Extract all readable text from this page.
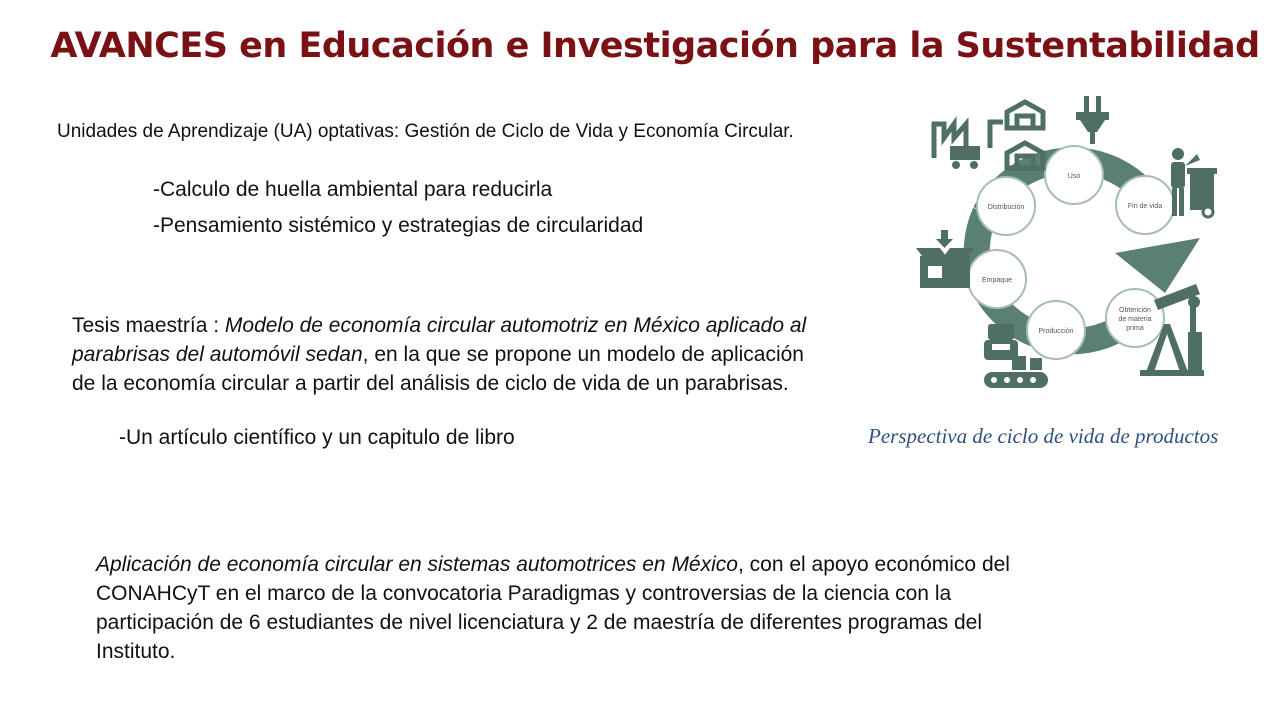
AVANCES en Educación e Investigación para la Sustentabilidad
Unidades de Aprendizaje (UA) optativas: Gestión de Ciclo de Vida y Economía Circular.
-Calculo de huella ambiental para reducirla
-Pensamiento sistémico y estrategias de circularidad
Tesis maestría : Modelo de economía circular automotriz en México aplicado al parabrisas del automóvil sedan, en la que se propone un modelo de aplicación de la economía circular a partir del análisis de ciclo de vida de un parabrisas.
-Un artículo científico y un capitulo de libro
Aplicación de economía circular en sistemas automotrices en México, con el apoyo económico del CONAHCyT en el marco de la convocatoria Paradigmas y controversias de la ciencia con la participación de 6 estudiantes de nivel licenciatura y 2 de maestría de diferentes programas del Instituto.
Uso
Fin de vida
Distribución
Empaque
Producción
Obtención
de materia
prima
Perspectiva de ciclo de vida de productos
